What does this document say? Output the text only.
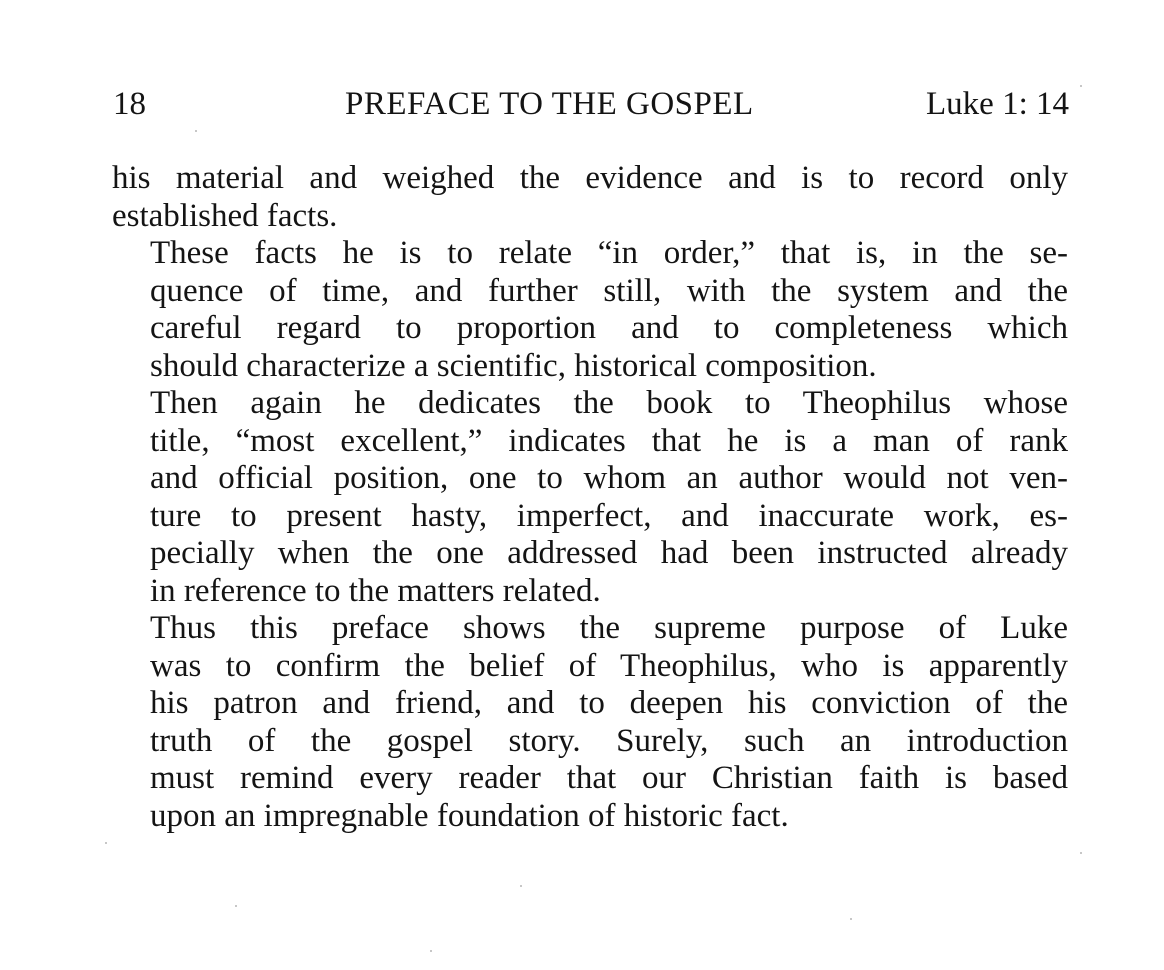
18	PREFACE TO THE GOSPEL	Luke 1: 14

his material and weighed the evidence and is to record only
established facts.

These facts he is to relate “in order,” that is, in the se-
quence of time, and further still, with the system and the
careful regard to proportion and to completeness which
should characterize a scientific, historical composition.

Then again he dedicates the book to Theophilus whose
title, “most excellent,” indicates that he is a man of rank
and official position, one to whom an author would not ven-
ture to present hasty, imperfect, and inaccurate work, es-
pecially when the one addressed had been instructed already
in reference to the matters related.

Thus this preface shows the supreme purpose of Luke
was to confirm the belief of Theophilus, who is apparently
his patron and friend, and to deepen his conviction of the
truth of the gospel story. Surely, such an introduction
must remind every reader that our Christian faith is based
upon an impregnable foundation of historic fact.
